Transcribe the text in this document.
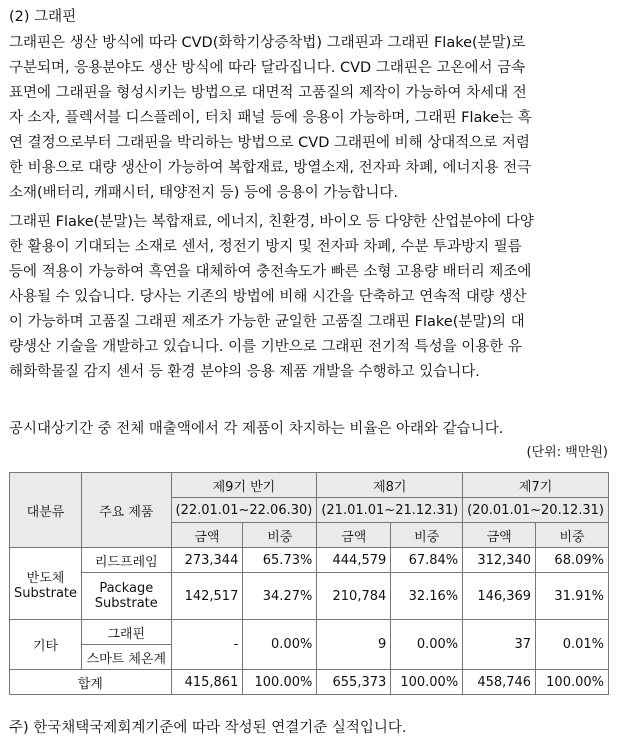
(2) 그래핀

그래핀은 생산 방식에 따라 CVD(화학기상증착법) 그래핀과 그래핀 Flake(분말)로
구분되며, 응용분야도 생산 방식에 따라 달라집니다. CVD 그래핀은 고온에서 금속
표면에 그래핀을 형성시키는 방법으로 대면적 고품질의 제작이 가능하여 차세대 전
자 소자, 플렉서블 디스플레이, 터치 패널 등에 응용이 가능하며, 그래핀 Flake는 흑
연 결정으로부터 그래핀을 박리하는 방법으로 CVD 그래핀에 비해 상대적으로 저렴
한 비용으로 대량 생산이 가능하여 복합재료, 방열소재, 전자파 차폐, 에너지용 전극
소재(배터리, 캐패시터, 태양전지 등) 등에 응용이 가능합니다.

그래핀 Flake(분말)는 복합재료, 에너지, 친환경, 바이오 등 다양한 산업분야에 다양
한 활용이 기대되는 소재로 센서, 정전기 방지 및 전자파 차폐, 수분 투과방지 필름
등에 적용이 가능하여 흑연을 대체하여 충전속도가 빠른 소형 고용량 배터리 제조에
사용될 수 있습니다. 당사는 기존의 방법에 비해 시간을 단축하고 연속적 대량 생산
이 가능하며 고품질 그래핀 제조가 가능한 균일한 고품질 그래핀 Flake(분말)의 대
량생산 기술을 개발하고 있습니다. 이를 기반으로 그래핀 전기적 특성을 이용한 유
해화학물질 감지 센서 등 환경 분야의 응용 제품 개발을 수행하고 있습니다.

공시대상기간 중 전체 매출액에서 각 제품이 차지하는 비율은 아래와 같습니다.
(단위: 백만원)
대분류	주요 제품	제9기 반기		제8기		제7기	
		(22.01.01~22.06.30)		(21.01.01~21.12.31)		(20.01.01~20.12.31)	
		금액	비중	금액	비중	금액	비중

반도체
Substrate	리드프레임	273,344	65.73%	444,579	67.84%	312,340	68.09%

	Package
Substrate	142,517	34.27%	210,784	32.16%	146,369	31.91%
기타	그래핀	-	0.00%	9	0.00%	37	0.01%
	스마트 체온계						
합계		415,861	100.00%	655,373	100.00%	458,746	100.00%
주) 한국채택국제회계기준에 따라 작성된 연결기준 실적입니다.
